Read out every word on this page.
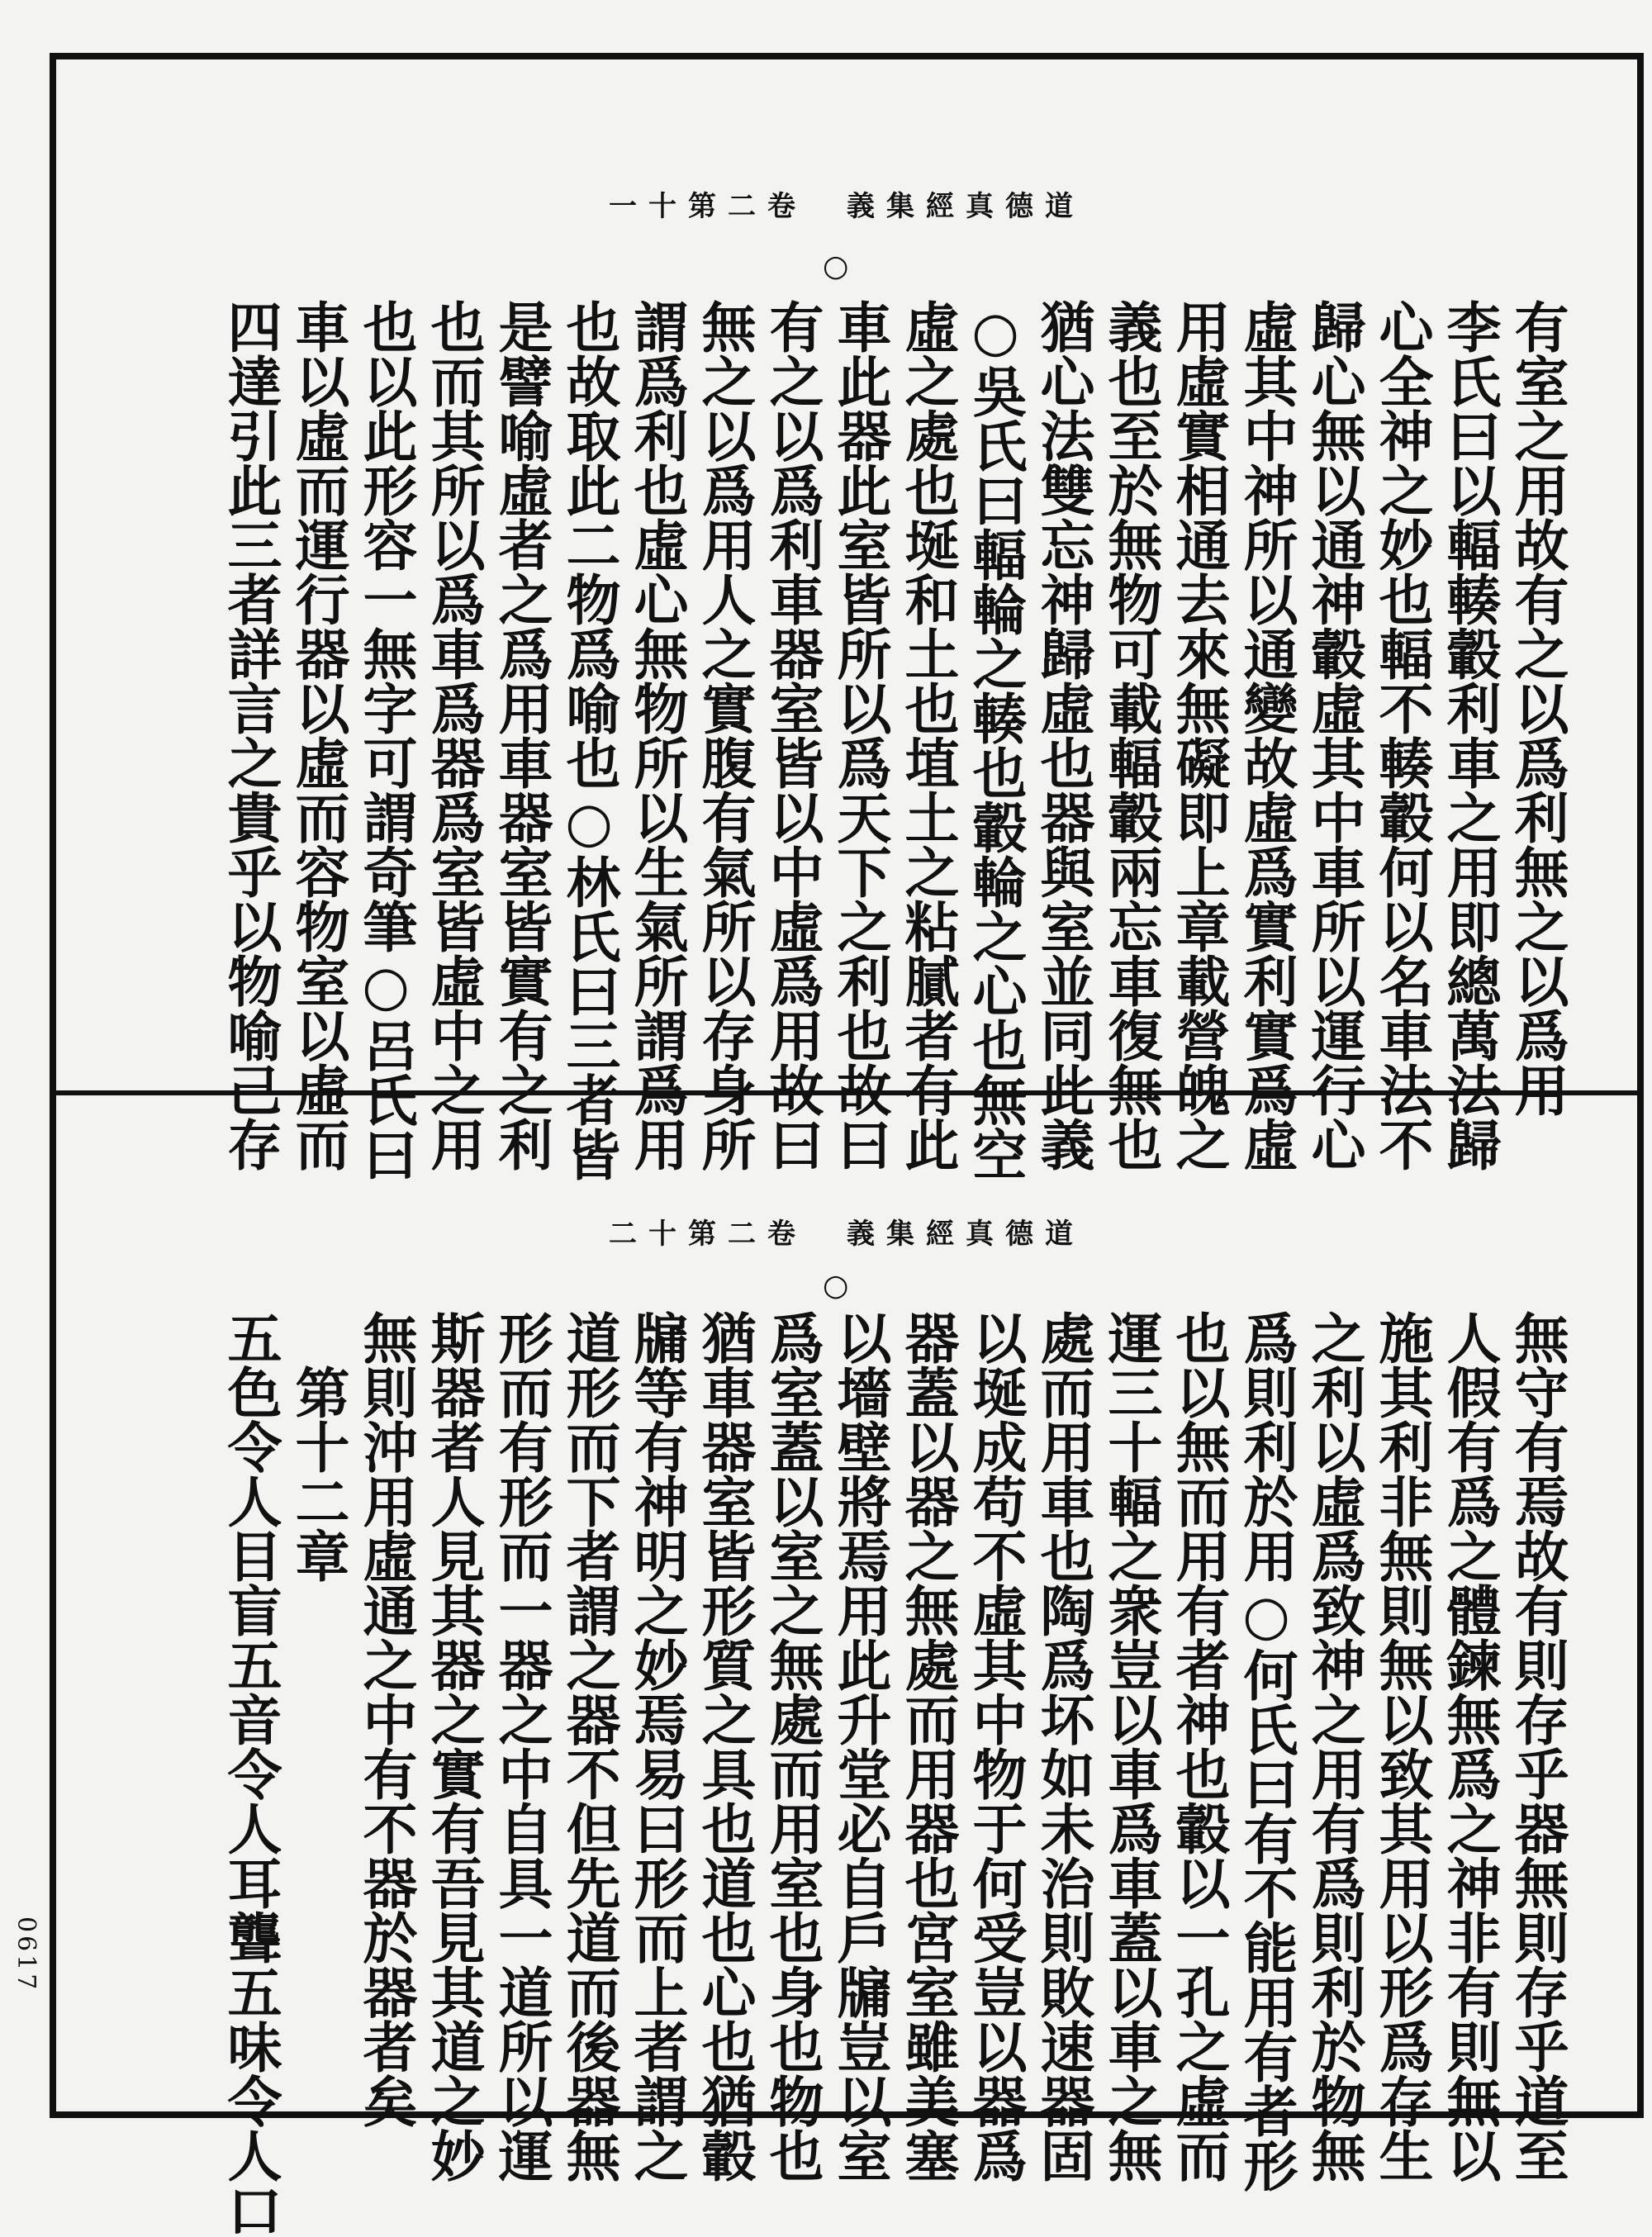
一十第二卷　義集經真德道
○
有室之用故有之以爲利無之以爲用
李氏曰以輻輳轂利車之用即總萬法歸
心全神之妙也輻不輳轂何以名車法不
歸心無以通神轂虛其中車所以運行心
虛其中神所以通變故虛爲實利實爲虛
用虛實相通去來無礙即上章載營魄之
義也至於無物可載輻轂兩忘車復無也
猶心法雙忘神歸虛也器與室並同此義
○吳氏曰輻輪之輳也轂輪之心也無空
虛之處也埏和土也埴土之粘膩者有此
車此器此室皆所以爲天下之利也故曰
有之以爲利車器室皆以中虛爲用故曰
無之以爲用人之實腹有氣所以存身所
謂爲利也虛心無物所以生氣所謂爲用
也故取此二物爲喻也○林氏曰三者皆
是譬喻虛者之爲用車器室皆實有之利
也而其所以爲車爲器爲室皆虛中之用
也以此形容一無字可謂奇筆○呂氏曰
車以虛而運行器以虛而容物室以虛而
四達引此三者詳言之貴乎以物喻己存
二十第二卷　義集經真德道
○
無守有焉故有則存乎器無則存乎道至
人假有爲之體鍊無爲之神非有則無以
施其利非無則無以致其用以形爲存生
之利以虛爲致神之用有爲則利於物無
爲則利於用○何氏曰有不能用有者形
也以無而用有者神也轂以一孔之虛而
運三十輻之衆豈以車爲車蓋以車之無
處而用車也陶爲坏如未治則敗速器固
以埏成苟不虛其中物于何受豈以器爲
器蓋以器之無處而用器也宮室雖美塞
以墻壁將焉用此升堂必自戶牖豈以室
爲室蓋以室之無處而用室也身也物也
猶車器室皆形質之具也道也心也猶轂
牖等有神明之妙焉易曰形而上者謂之
道形而下者謂之器不但先道而後器無
形而有形而一器之中自具一道所以運
斯器者人見其器之實有吾見其道之妙
無則沖用虛通之中有不器於器者矣
　第十二章
五色令人目盲五音令人耳聾五味令人口
0617
